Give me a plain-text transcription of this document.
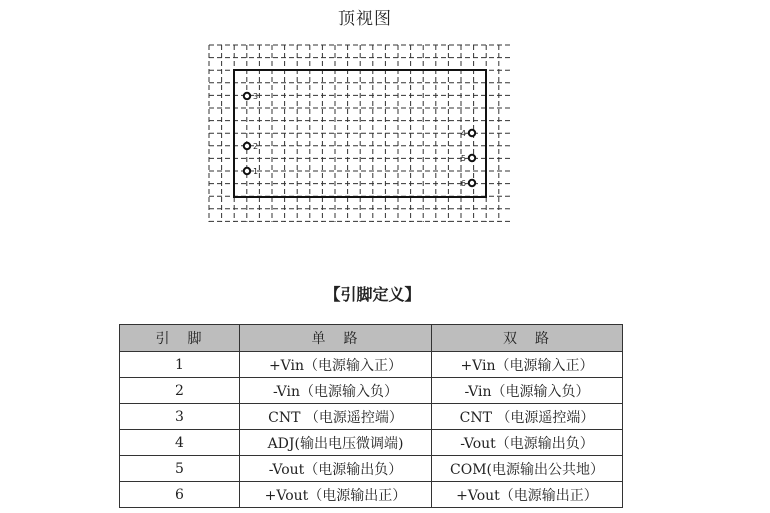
顶视图
3
2
1
4
5
6
【引脚定义】
引　脚	单　路	双　路
1	+Vin（电源输入正）	+Vin（电源输入正）
2	-Vin（电源输入负）	-Vin（电源输入负）
3	CNT （电源遥控端）	CNT （电源遥控端）
4	ADJ(输出电压微调端)	-Vout（电源输出负）
5	-Vout（电源输出负）	COM(电源输出公共地）
6	+Vout（电源输出正）	+Vout（电源输出正）
